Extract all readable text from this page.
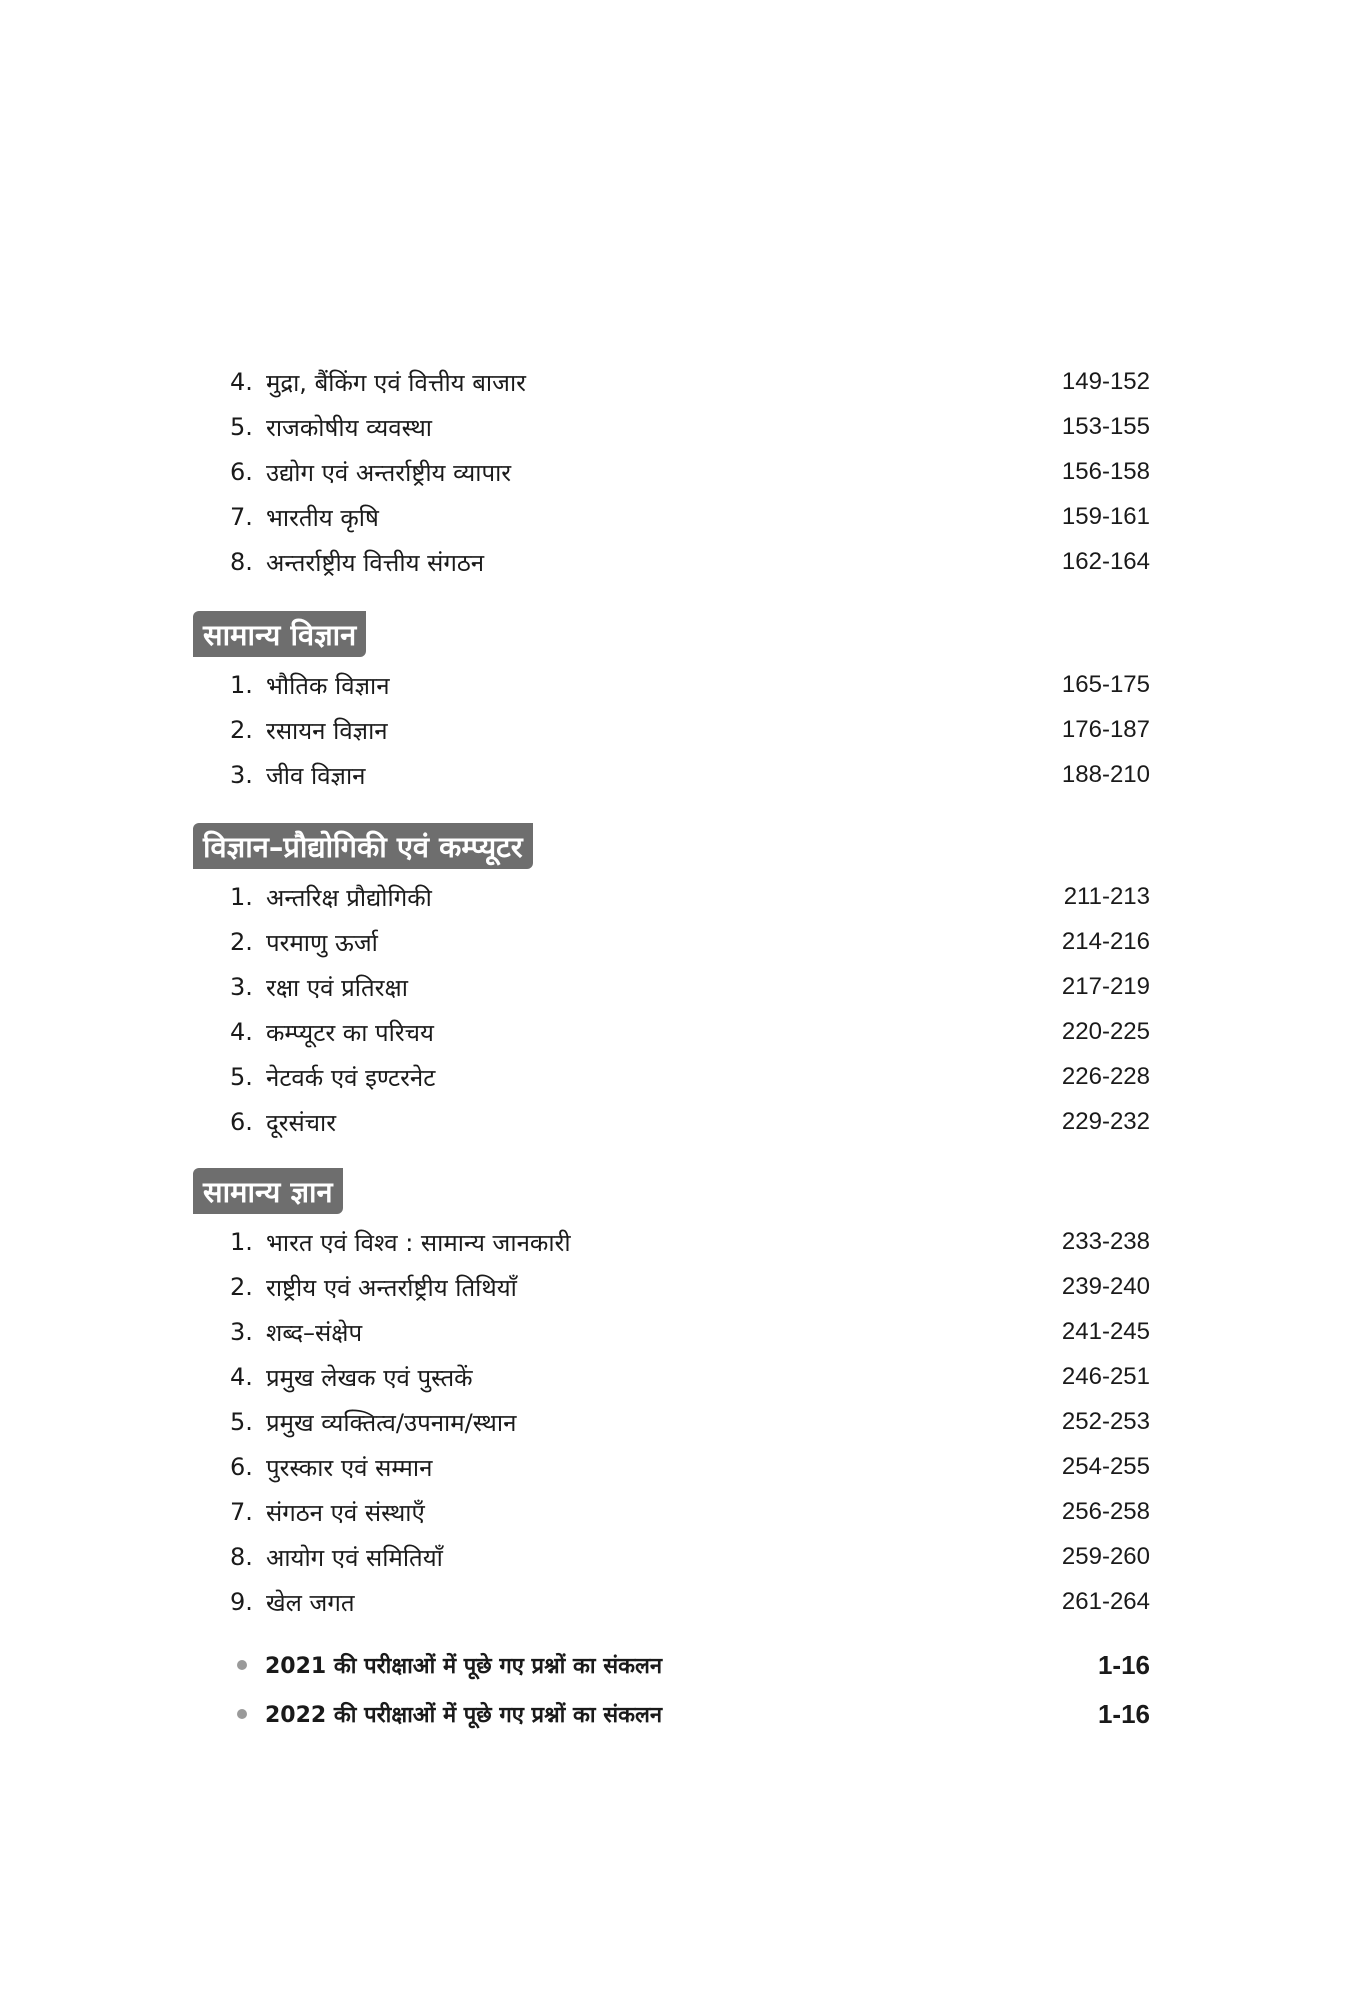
4. मुद्रा, बैंकिंग एवं वित्तीय बाजार	149-152
5. राजकोषीय व्यवस्था	153-155
6. उद्योग एवं अन्तर्राष्ट्रीय व्यापार	156-158
7. भारतीय कृषि	159-161
8. अन्तर्राष्ट्रीय वित्तीय संगठन	162-164
सामान्य विज्ञान
1. भौतिक विज्ञान	165-175
2. रसायन विज्ञान	176-187
3. जीव विज्ञान	188-210
विज्ञान–प्रौद्योगिकी एवं कम्प्यूटर
1. अन्तरिक्ष प्रौद्योगिकी	211-213
2. परमाणु ऊर्जा	214-216
3. रक्षा एवं प्रतिरक्षा	217-219
4. कम्प्यूटर का परिचय	220-225
5. नेटवर्क एवं इण्टरनेट	226-228
6. दूरसंचार	229-232
सामान्य ज्ञान
1. भारत एवं विश्व : सामान्य जानकारी	233-238
2. राष्ट्रीय एवं अन्तर्राष्ट्रीय तिथियाँ	239-240
3. शब्द–संक्षेप	241-245
4. प्रमुख लेखक एवं पुस्तकें	246-251
5. प्रमुख व्यक्तित्व/उपनाम/स्थान	252-253
6. पुरस्कार एवं सम्मान	254-255
7. संगठन एवं संस्थाएँ	256-258
8. आयोग एवं समितियाँ	259-260
9. खेल जगत	261-264
2021 की परीक्षाओं में पूछे गए प्रश्नों का संकलन	1-16
2022 की परीक्षाओं में पूछे गए प्रश्नों का संकलन	1-16
